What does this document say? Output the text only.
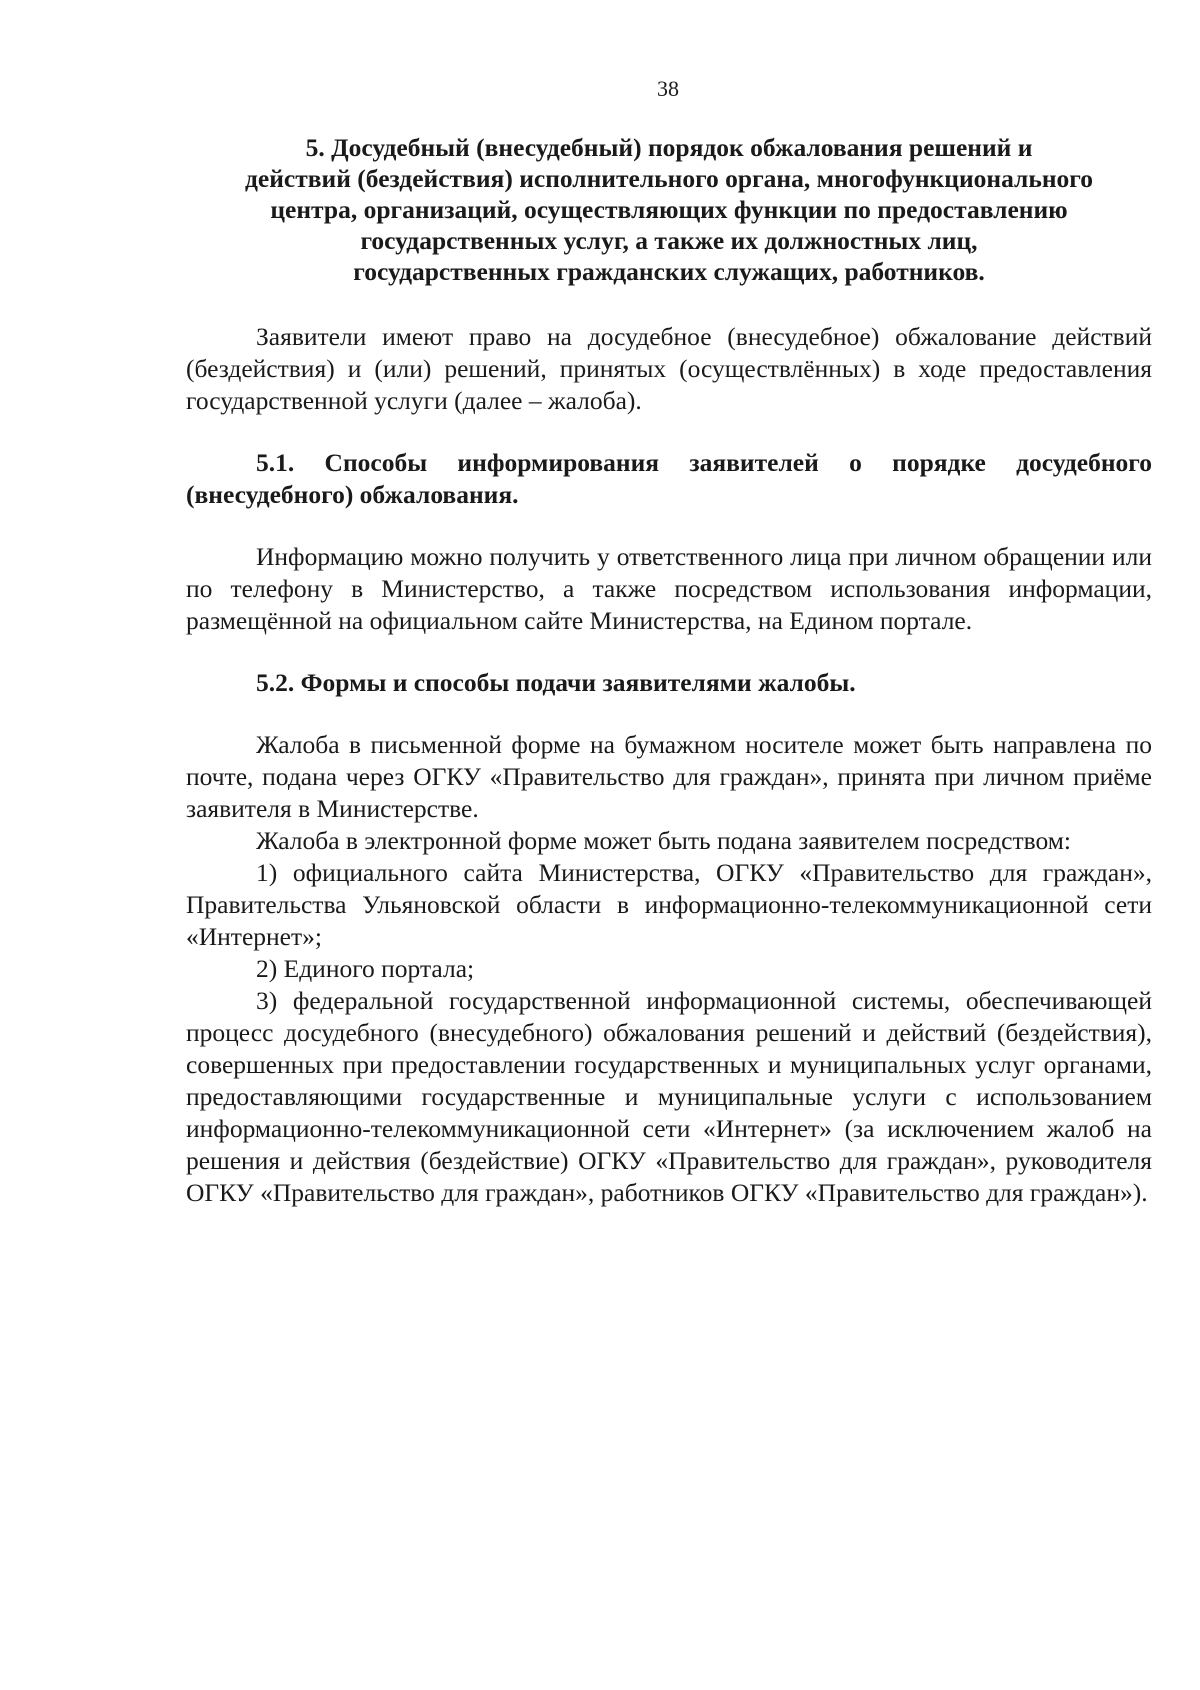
38
5. Досудебный (внесудебный) порядок обжалования решений и
действий (бездействия) исполнительного органа, многофункционального
центра, организаций, осуществляющих функции по предоставлению
государственных услуг, а также их должностных лиц,
государственных гражданских служащих, работников.

Заявители имеют право на досудебное (внесудебное) обжалование действий (бездействия) и (или) решений, принятых (осуществлённых) в ходе предоставления государственной услуги (далее – жалоба).

5.1. Способы информирования заявителей о порядке досудебного (внесудебного) обжалования.

Информацию можно получить у ответственного лица при личном обращении или по телефону в Министерство, а также посредством использования информации, размещённой на официальном сайте Министерства, на Едином портале.

5.2. Формы и способы подачи заявителями жалобы.

Жалоба в письменной форме на бумажном носителе может быть направлена по почте, подана через ОГКУ «Правительство для граждан», принята при личном приёме заявителя в Министерстве.

Жалоба в электронной форме может быть подана заявителем посредством:

1) официального сайта Министерства, ОГКУ «Правительство для граждан», Правительства Ульяновской области в информационно-телекоммуникационной сети «Интернет»;

2) Единого портала;

3) федеральной государственной информационной системы, обеспечивающей процесс досудебного (внесудебного) обжалования решений и действий (бездействия), совершенных при предоставлении государственных и муниципальных услуг органами, предоставляющими государственные и муниципальные услуги с использованием информационно-телекоммуникационной сети «Интернет» (за исключением жалоб на решения и действия (бездействие) ОГКУ «Правительство для граждан», руководителя ОГКУ «Правительство для граждан», работников ОГКУ «Правительство для граждан»).
